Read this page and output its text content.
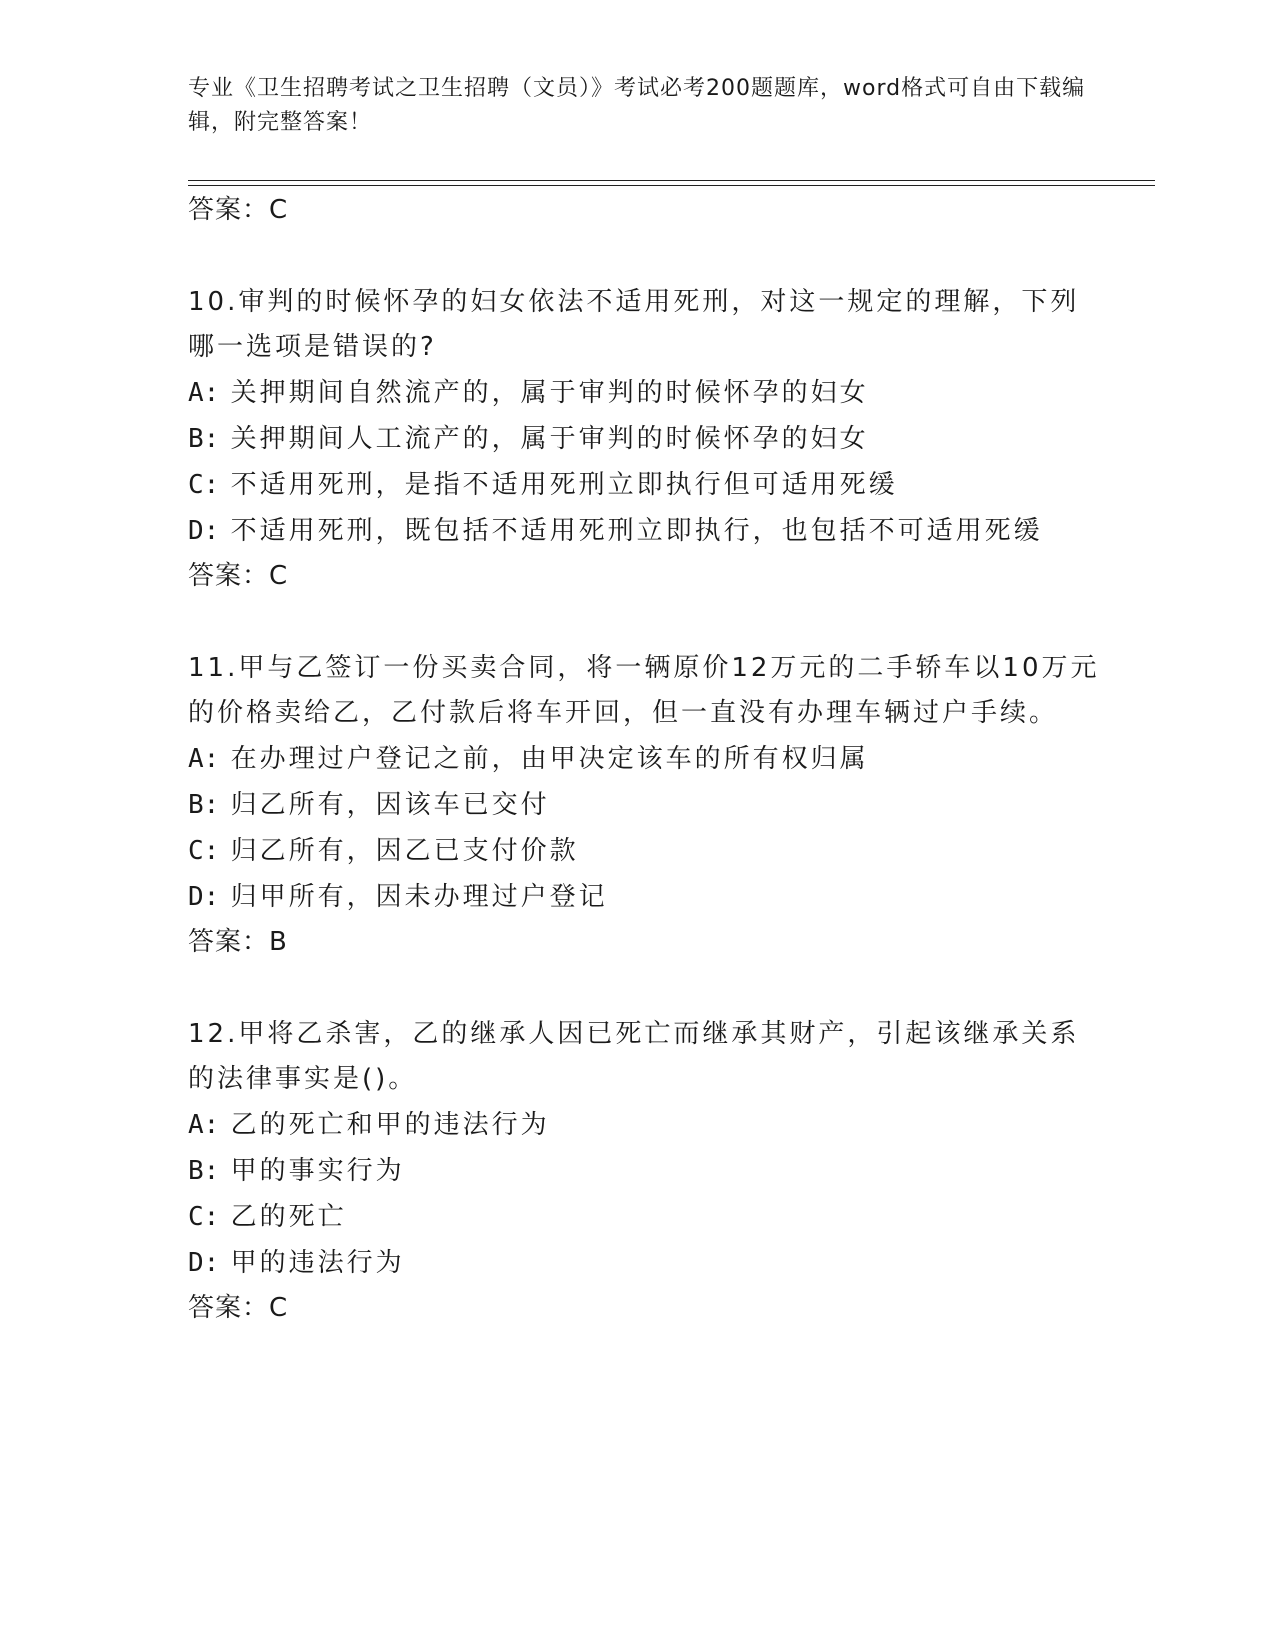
专业《卫生招聘考试之卫生招聘（文员）》考试必考200题题库，word格式可自由下载编辑，附完整答案！
答案：C

10.审判的时候怀孕的妇女依法不适用死刑，对这一规定的理解，下列哪一选项是错误的?

A: 关押期间自然流产的，属于审判的时候怀孕的妇女
B: 关押期间人工流产的，属于审判的时候怀孕的妇女
C: 不适用死刑，是指不适用死刑立即执行但可适用死缓
D: 不适用死刑，既包括不适用死刑立即执行，也包括不可适用死缓
答案：C

11.甲与乙签订一份买卖合同，将一辆原价12万元的二手轿车以10万元的价格卖给乙，乙付款后将车开回，但一直没有办理车辆过户手续。

A: 在办理过户登记之前，由甲决定该车的所有权归属
B: 归乙所有，因该车已交付
C: 归乙所有，因乙已支付价款
D: 归甲所有，因未办理过户登记
答案：B

12.甲将乙杀害，乙的继承人因已死亡而继承其财产，引起该继承关系的法律事实是()。

A: 乙的死亡和甲的违法行为
B: 甲的事实行为
C: 乙的死亡
D: 甲的违法行为
答案：C
